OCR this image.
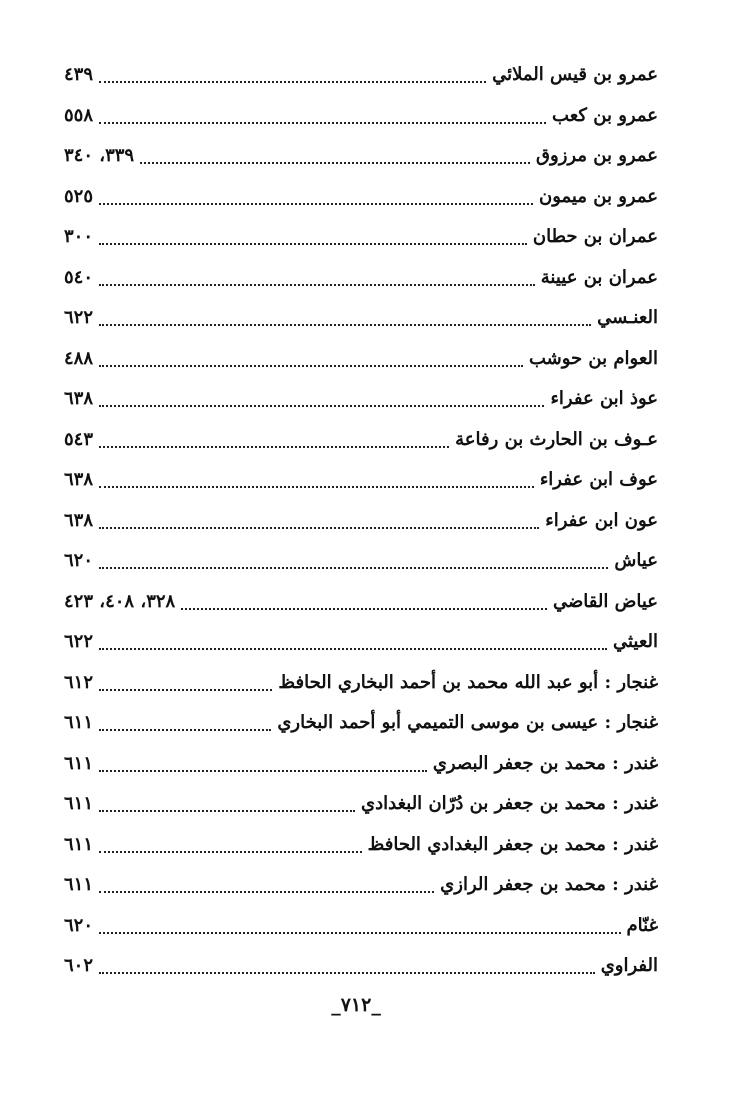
عمرو بن قيس الملائي
٤٣٩
عمرو بن كعب
٥٥٨
عمرو بن مرزوق
٣٣٩، ٣٤٠
عمرو بن ميمون
٥٢٥
عمران بن حطان
٣٠٠
عمران بن عيينة
٥٤٠
العنـسي
٦٢٢
العوام بن حوشب
٤٨٨
عوذ ابن عفراء
٦٣٨
عـوف بن الحارث بن رفاعة
٥٤٣
عوف ابن عفراء
٦٣٨
عون ابن عفراء
٦٣٨
عياش
٦٢٠
عياض القاضي
٣٢٨، ٤٠٨، ٤٢٣
العيثي
٦٢٢
غنجار : أبو عبد الله محمد بن أحمد البخاري الحافظ
٦١٢
غنجار : عيسى بن موسى التميمي أبو أحمد البخاري
٦١١
غندر : محمد بن جعفر البصري
٦١١
غندر : محمد بن جعفر بن دُرّان البغدادي
٦١١
غندر : محمد بن جعفر البغدادي الحافظ
٦١١
غندر : محمد بن جعفر الرازي
٦١١
غنّام
٦٢٠
الفراوي
٦٠٢
_٧١٢_
